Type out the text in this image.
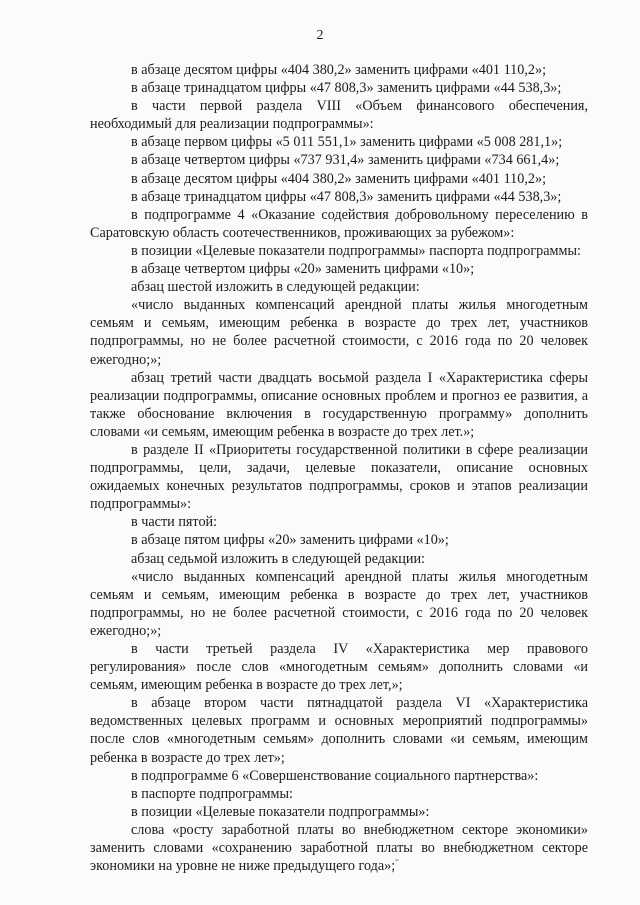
2

в абзаце десятом цифры «404 380,2» заменить цифрами «401 110,2»;

в абзаце тринадцатом цифры «47 808,3» заменить цифрами «44 538,3»;

в части первой раздела VIII «Объем финансового обеспечения, необходимый для реализации подпрограммы»:

в абзаце первом цифры «5 011 551,1» заменить цифрами «5 008 281,1»;

в абзаце четвертом цифры «737 931,4» заменить цифрами «734 661,4»;

в абзаце десятом цифры «404 380,2» заменить цифрами «401 110,2»;

в абзаце тринадцатом цифры «47 808,3» заменить цифрами «44 538,3»;

в подпрограмме 4 «Оказание содействия добровольному переселению в Саратовскую область соотечественников, проживающих за рубежом»:

в позиции «Целевые показатели подпрограммы» паспорта подпрограммы:

в абзаце четвертом цифры «20» заменить цифрами «10»;

абзац шестой изложить в следующей редакции:

«число выданных компенсаций арендной платы жилья многодетным семьям и семьям, имеющим ребенка в возрасте до трех лет, участников подпрограммы, но не более расчетной стоимости, с 2016 года по 20 человек ежегодно;»;

абзац третий части двадцать восьмой раздела I «Характеристика сферы реализации подпрограммы, описание основных проблем и прогноз ее развития, а также обоснование включения в государственную программу» дополнить словами «и семьям, имеющим ребенка в возрасте до трех лет.»;

в разделе II «Приоритеты государственной политики в сфере реализации подпрограммы, цели, задачи, целевые показатели, описание основных ожидаемых конечных результатов подпрограммы, сроков и этапов реализации подпрограммы»:

в части пятой:

в абзаце пятом цифры «20» заменить цифрами «10»;

абзац седьмой изложить в следующей редакции:

«число выданных компенсаций арендной платы жилья многодетным семьям и семьям, имеющим ребенка в возрасте до трех лет, участников подпрограммы, но не более расчетной стоимости, с 2016 года по 20 человек ежегодно;»;

в части третьей раздела IV «Характеристика мер правового регулирования» после слов «многодетным семьям» дополнить словами «и семьям, имеющим ребенка в возрасте до трех лет,»;

в абзаце втором части пятнадцатой раздела VI «Характеристика ведомственных целевых программ и основных мероприятий подпрограммы» после слов «многодетным семьям» дополнить словами «и семьям, имеющим ребенка в возрасте до трех лет»;

в подпрограмме 6 «Совершенствование социального партнерства»:

в паспорте подпрограммы:

в позиции «Целевые показатели подпрограммы»:

слова «росту заработной платы во внебюджетном секторе экономики» заменить словами «сохранению заработной платы во внебюджетном секторе экономики на уровне не ниже предыдущего года»; -
